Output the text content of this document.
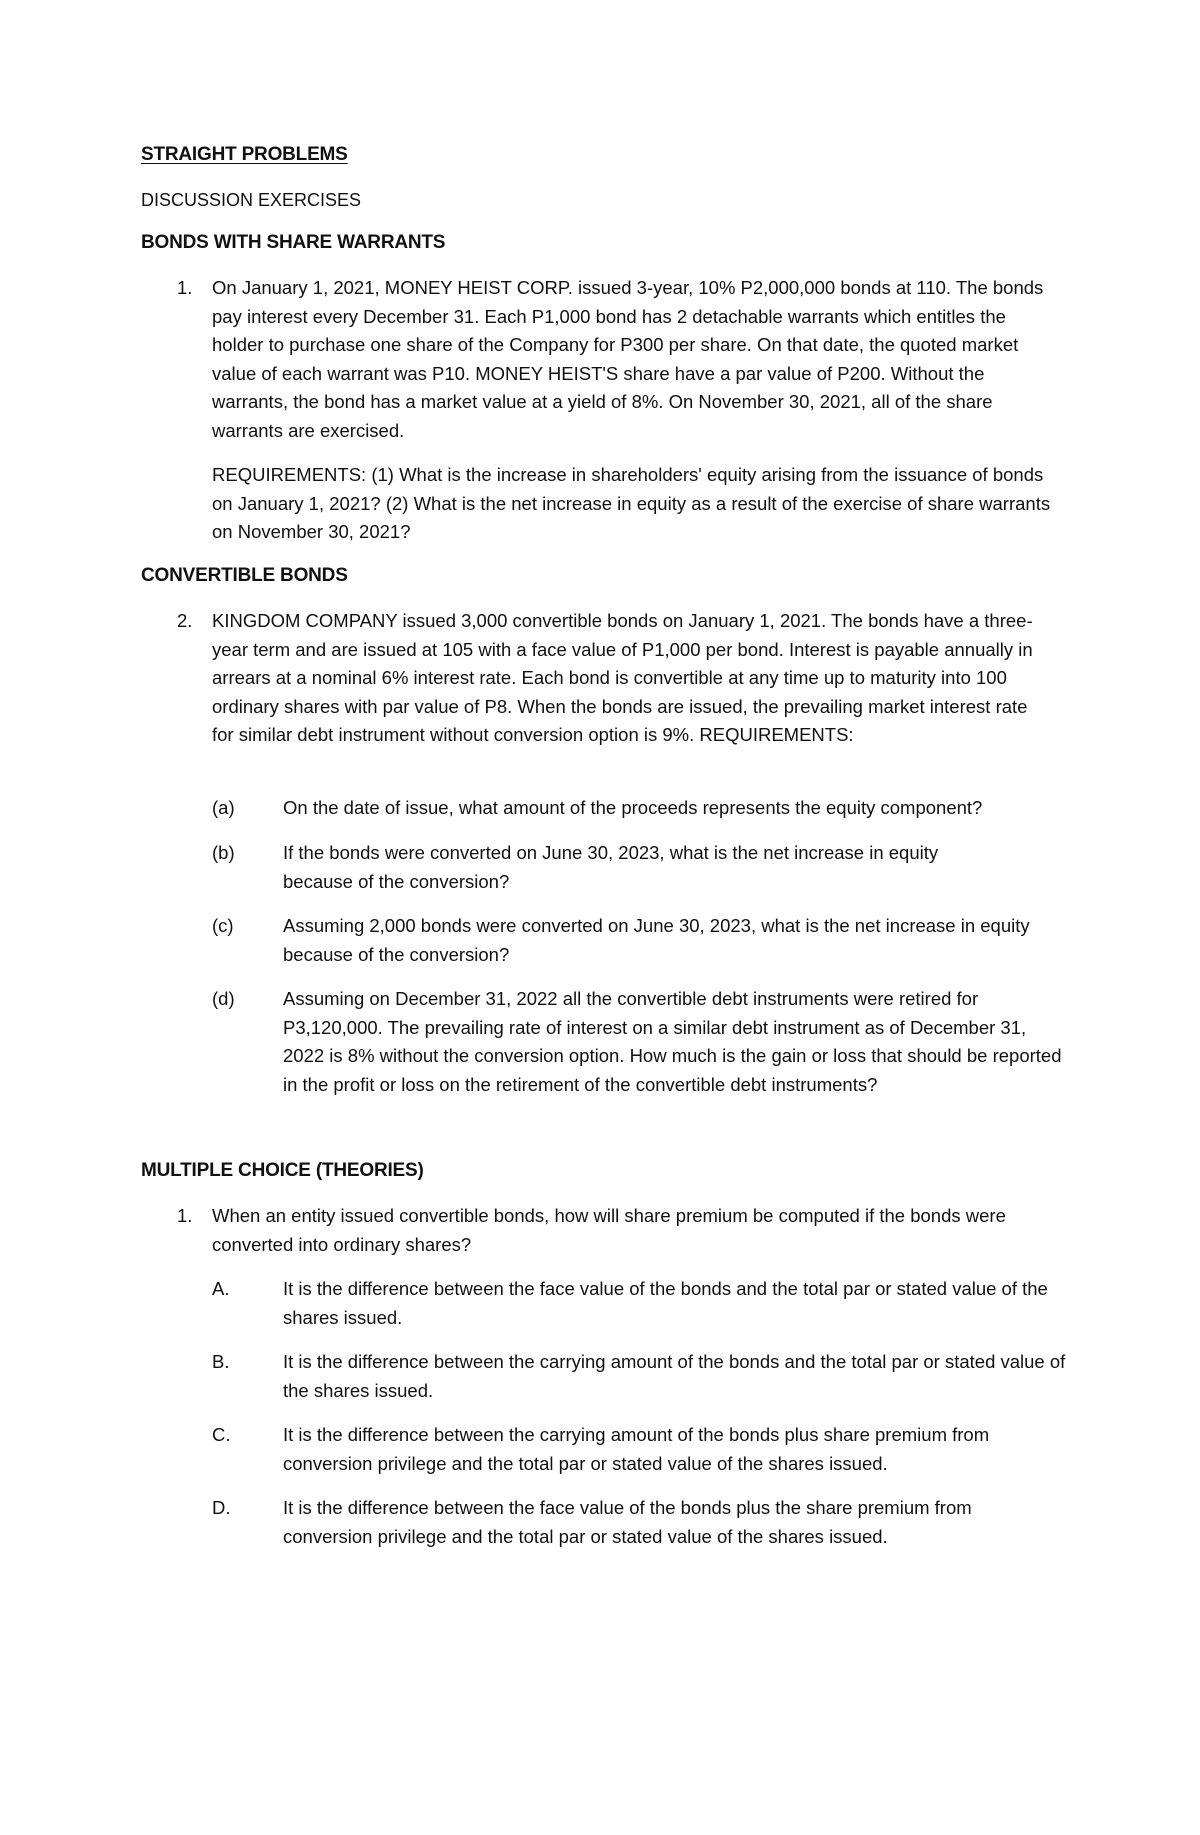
STRAIGHT PROBLEMS
DISCUSSION EXERCISES
BONDS WITH SHARE WARRANTS
1.	On January 1, 2021, MONEY HEIST CORP. issued 3-year, 10% P2,000,000 bonds at 110. The bonds pay interest every December 31. Each P1,000 bond has 2 detachable warrants which entitles the holder to purchase one share of the Company for P300 per share. On that date, the quoted market value of each warrant was P10. MONEY HEIST'S share have a par value of P200. Without the warrants, the bond has a market value at a yield of 8%. On November 30, 2021, all of the share warrants are exercised.
REQUIREMENTS: (1) What is the increase in shareholders' equity arising from the issuance of bonds on January 1, 2021? (2) What is the net increase in equity as a result of the exercise of share warrants on November 30, 2021?
CONVERTIBLE BONDS
2.	KINGDOM COMPANY issued 3,000 convertible bonds on January 1, 2021. The bonds have a three-year term and are issued at 105 with a face value of P1,000 per bond. Interest is payable annually in arrears at a nominal 6% interest rate. Each bond is convertible at any time up to maturity into 100 ordinary shares with par value of P8. When the bonds are issued, the prevailing market interest rate for similar debt instrument without conversion option is 9%. REQUIREMENTS:
(a)	On the date of issue, what amount of the proceeds represents the equity component?
(b)	If the bonds were converted on June 30, 2023, what is the net increase in equity because of the conversion?
(c)	Assuming 2,000 bonds were converted on June 30, 2023, what is the net increase in equity because of the conversion?
(d)	Assuming on December 31, 2022 all the convertible debt instruments were retired for P3,120,000. The prevailing rate of interest on a similar debt instrument as of December 31, 2022 is 8% without the conversion option. How much is the gain or loss that should be reported in the profit or loss on the retirement of the convertible debt instruments?
MULTIPLE CHOICE (THEORIES)
1.	When an entity issued convertible bonds, how will share premium be computed if the bonds were converted into ordinary shares?
A.	It is the difference between the face value of the bonds and the total par or stated value of the shares issued.
B.	It is the difference between the carrying amount of the bonds and the total par or stated value of the shares issued.
C.	It is the difference between the carrying amount of the bonds plus share premium from conversion privilege and the total par or stated value of the shares issued.
D.	It is the difference between the face value of the bonds plus the share premium from conversion privilege and the total par or stated value of the shares issued.
